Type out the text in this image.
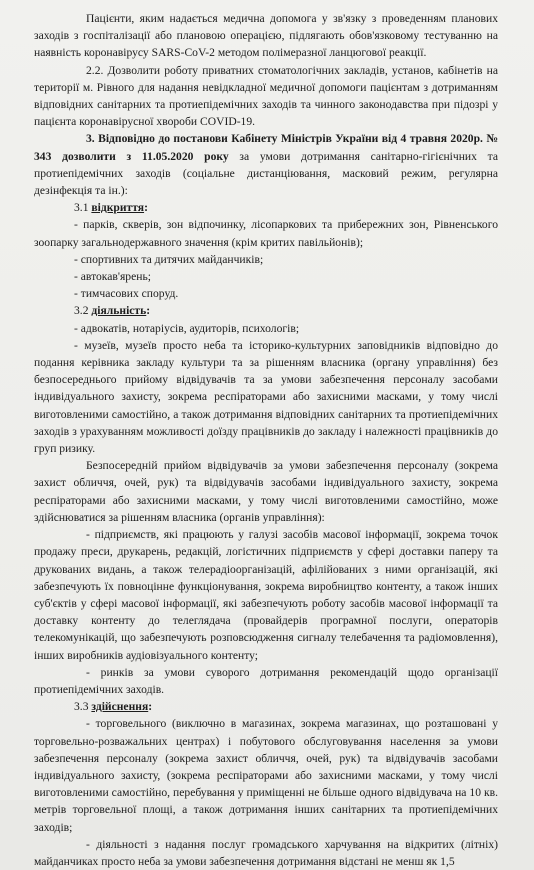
Пацієнти, яким надається медична допомога у зв'язку з проведенням планових заходів з госпіталізації або плановою операцією, підлягають обов'язковому тестуванню на наявність коронавірусу SARS-CoV-2 методом полімеразної ланцюгової реакції.

2.2. Дозволити роботу приватних стоматологічних закладів, установ, кабінетів на території м. Рівного для надання невідкладної медичної допомоги пацієнтам з дотриманням відповідних санітарних та протиепідемічних заходів та чинного законодавства при підозрі у пацієнта коронавірусної хвороби COVID-19.

3. Відповідно до постанови Кабінету Міністрів України від 4 травня 2020р. № 343 дозволити з 11.05.2020 року за умови дотримання санітарно-гігієнічних та протиепідемічних заходів (соціальне дистанціювання, масковий режим, регулярна дезінфекція та ін.):

3.1 відкриття:

- парків, скверів, зон відпочинку, лісопаркових та прибережних зон, Рівненського зоопарку загальнодержавного значення (крім критих павільйонів);

- спортивних та дитячих майданчиків;

- автокав'ярень;

- тимчасових споруд.

3.2 діяльність:

- адвокатів, нотаріусів, аудиторів, психологів;

- музеїв, музеїв просто неба та історико-культурних заповідників відповідно до подання керівника закладу культури та за рішенням власника (органу управління) без безпосереднього прийому відвідувачів та за умови забезпечення персоналу засобами індивідуального захисту, зокрема респіраторами або захисними масками, у тому числі виготовленими самостійно, а також дотримання відповідних санітарних та протиепідемічних заходів з урахуванням можливості доїзду працівників до закладу і належності працівників до груп ризику.

Безпосередній прийом відвідувачів за умови забезпечення персоналу (зокрема захист обличчя, очей, рук) та відвідувачів засобами індивідуального захисту, зокрема респіраторами або захисними масками, у тому числі виготовленими самостійно, може здійснюватися за рішенням власника (органів управління):

- підприємств, які працюють у галузі засобів масової інформації, зокрема точок продажу преси, друкарень, редакцій, логістичних підприємств у сфері доставки паперу та друкованих видань, а також телерадіоорганізацій, афілійованих з ними організацій, які забезпечують їх повноцінне функціонування, зокрема виробництво контенту, а також інших суб'єктів у сфері масової інформації, які забезпечують роботу засобів масової інформації та доставку контенту до телеглядача (провайдерів програмної послуги, операторів телекомунікацій, що забезпечують розповсюдження сигналу телебачення та радіомовлення), інших виробників аудіовізуального контенту;

- ринків за умови суворого дотримання рекомендацій щодо організації протиепідемічних заходів.

3.3 здійснення:

- торговельного (виключно в магазинах, зокрема магазинах, що розташовані у торговельно-розважальних центрах) і побутового обслуговування населення за умови забезпечення персоналу (зокрема захист обличчя, очей, рук) та відвідувачів засобами індивідуального захисту, (зокрема респіраторами або захисними масками, у тому числі виготовленими самостійно, перебування у приміщенні не більше одного відвідувача на 10 кв. метрів торговельної площі, а також дотримання інших санітарних та протиепідемічних заходів;

- діяльності з надання послуг громадського харчування на відкритих (літніх) майданчиках просто неба за умови забезпечення дотримання відстані не менш як 1,5
